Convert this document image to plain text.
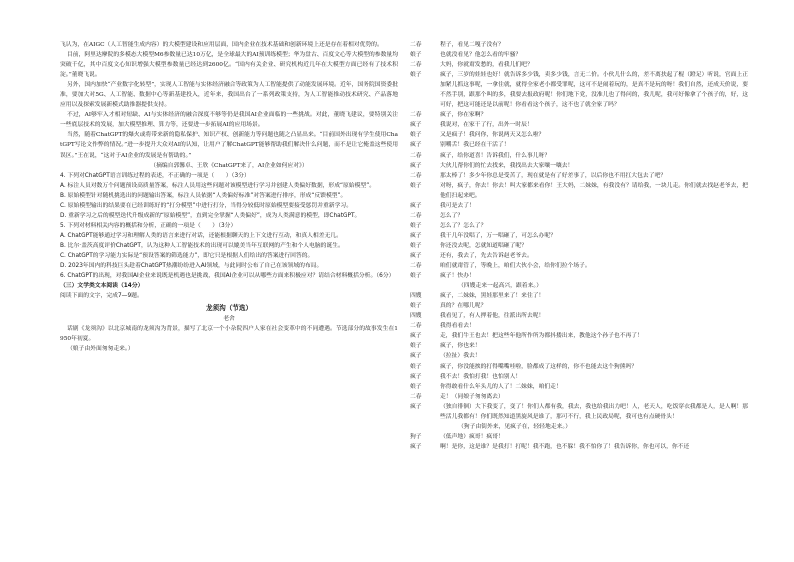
飞认为，在AIGC（人工智能生成内容）的大模型建设和应用层面，国内企业在技术基础和创新环境上还是存在着相对优势的。

目前，阿里达摩院的多模态大模型M6参数量已达10万亿，是全球最大的AI预训练模型；华为盘古、百度文心等大模型的参数量均突破千亿，其中百度文心知识增强大模型参数量已经达到2600亿。“国内有关企业、研究机构近几年在大模型方面已经有了技术积淀。”董晓飞说。

另外，国内加快“产业数字化转型”，实现人工智能与实体经济融合等政策为人工智能提供了动能发展环境。近年，国务院国资委批准，要加大对5G、人工智能、数据中心等新基建投入，近年来，我国出台了一系列政策支持，为人工智能推动技术研究、产品落地应用以及探索发展新模式助推器提供支持。

不过，AI够牢入才相对短缺、AI与实体经济的融合深度不够等仍是我国AI企业面临的一些挑战。对此，董晓飞建议，要特别关注一些底层技术的发展，加大模型推理、算力等，还要进一步拓展AI的应用场景。

当然，随着ChatGPT的爆火或将带来新的隐私保护、知识产权、创新能力等问题也随之凸显出来。“目前国外出现有学生使用ChatGPT写论文作弊的情况。”进一步提升大众对AI的认知，让用户了解ChatGPT能够帮助我们解决什么问题，而不是让它掩盖这些使用误区。”王在说，“这对于AI企业的发展是有帮助的。”

（摘编自郭馨卓、王欣《ChatGPT来了，AI企业如何应对》）

4. 下列对ChatGPT语言训练过程的表述，不正确的一项是（　　）（3分）

A. 标注人员对数万个问题预设高质量答案，标注人员用这些问题对该模型进行学习并创建人类偏好数据，形成“原始模型”。

B. 原始模型针对随机挑选出的问题输出答案，标注人员依据“人类偏好标准”对答案进行排序，形成“反馈模型”。

C. 原始模型输出的结果要在已经训练好的“打分模型”中进行打分，当得分较低时原始模型要接受惩罚并重新学习。

D. 重新学习之后的模型迭代升级成新的“原始模型”，直到完全掌握“人类偏好”，成为人类满意的模型，即ChatGPT。

5. 下列对材料相关内容的概括和分析，正确的一项是（　　）（3分）

A. ChatGPT能够通过学习和理解人类的语言来进行对话，还能根据聊天的上下文进行互动，和真人相差无几。

B. 比尔·盖茨高度评价ChatGPT，认为这种人工智能技术的出现可以媲美当年互联网的产生和个人电脑的诞生。

C. ChatGPT的学习能力实际是“预设答案的筛选能力”，即它只是根据人们给出的答案进行回答的。

D. 2023年国内的科技巨头趁着ChatGPT热潮纷纷进入AI领域，与此同时公布了自己在该领域的布局。

6. ChatGPT的出现，对我国AI企业来说既是机遇也是挑战，我国AI企业可以从哪些方面来积极应对？请结合材料概括分析。（6分）

（三）文学类文本阅读（14分）

阅读下面的文字，完成7—9题。

龙须沟（节选）

老舍

话剧《龙须沟》以北京城南的龙须沟为背景，描写了北京一个小杂院四户人家在社会变革中的不同遭遇。节选部分的故事发生在1950年初夏。

（娘子由外面匆匆走来。）

二春	程子，看见二嘎子没有？
娘子	也就没看见？他怎么看的牢骚？
二春	大妈，你就甭发愁的，看我儿们吧？
娘子	疯子，三岁的娃娃也好！就告诉多少钱，卖多少钱，言无二价。小伙儿什么的，差不离扶起了棍（蹬足）听说，官面上正加紧儿抓这事呢，一拿住就，就得全家老小都受罪呢，这可不是闹着玩的，是真不是玩的呀！我们自然，还成天价说，要不然手别，跟那个叫的多，我要去报政府呢！你们地下党，没准儿也了得问的，我儿呢，我可好像拿了个孩子的，好，这可好，把这可能还是以前呢！你看看这个孩子，这不也了就全家了吗？
二春	疯子，你在家啊？
疯子	我说对，在家干了行，出外一时辰！
娘子	又是疯子！我问你，你说两天又怎么啦？
疯子	别嚼舌！我已经在干活了！
二春	疯子，给你道喜！告诉我们，什么事儿呀？
疯子	大伙儿帮你们的忙去找来，我找出去大家嚷一嚷去！
二春	那太棒了！多少年你总是受苦了，现在就是有了好差事了，以后你也不用扛大包去了吧？
娘子	对呀，疯子，你去！你去！叫大家都来看你！王大妈，二妹妹，有我没有？请给我，一块儿走。你们就去找赵老爷去，把他们扫起来吧。
疯子	我可是去了！
二春	怎么了？
娘子	怎么了？怎么了？
疯子	我干几年没唱了，万一唱砸了，可怎么办呢？
娘子	你还没去呢，怎就知道唱砸了呢？
疯子	还有，我去了，先去告诉赵老爷去。
二春	咱们就甭管了，等晚上，咱们大伙小会，给你们拉个场子。
娘子	疯子！快办！
（四嫂走来一起高兴，跟着来。）
四嫂	疯子，二妹妹，黑娃那里来了！来住了！
娘子	真的？在哪儿呢？
四嫂	我看见了，有人押着他，往派出所去呢！
二春	我得看看去！
疯子	走，我们牛王也去！把这些年他所作所为都抖搂出来，教他这个孙子也不再了！
娘子	疯子，你也来！
疯子	（拉扯）我去！
娘子	疯子，你没能挨的打得嘴嘴哇啦，脸都成了这样的，你不也能去这个狗熊吗？
疯子	我不去！我怕打我！也怕别人！
娘子	你得敢看什么年头儿的人了！二妹妹，咱们走！
二春	走！（同娘子匆匆离去）
疯子	（独自徘徊）大下我变了，变了！你们人都有我，我去，我也给我出力吧！人，老天人，吃饭穿衣我都是人，是人啊！那些活儿我都有！你们既然知道黑旋风是谁了，那可不行，我上民政局呢，我可也有点硬骨头！
（狗子由街外来，见疯子在，轻轻地走来。）
狗子	（低声地）疯哥！疯哥！
疯子	啊！是你，这是谁？是我打！打呢！我不跑，也不躲！我不怕你了！我告诉你，你也可以，你不还
